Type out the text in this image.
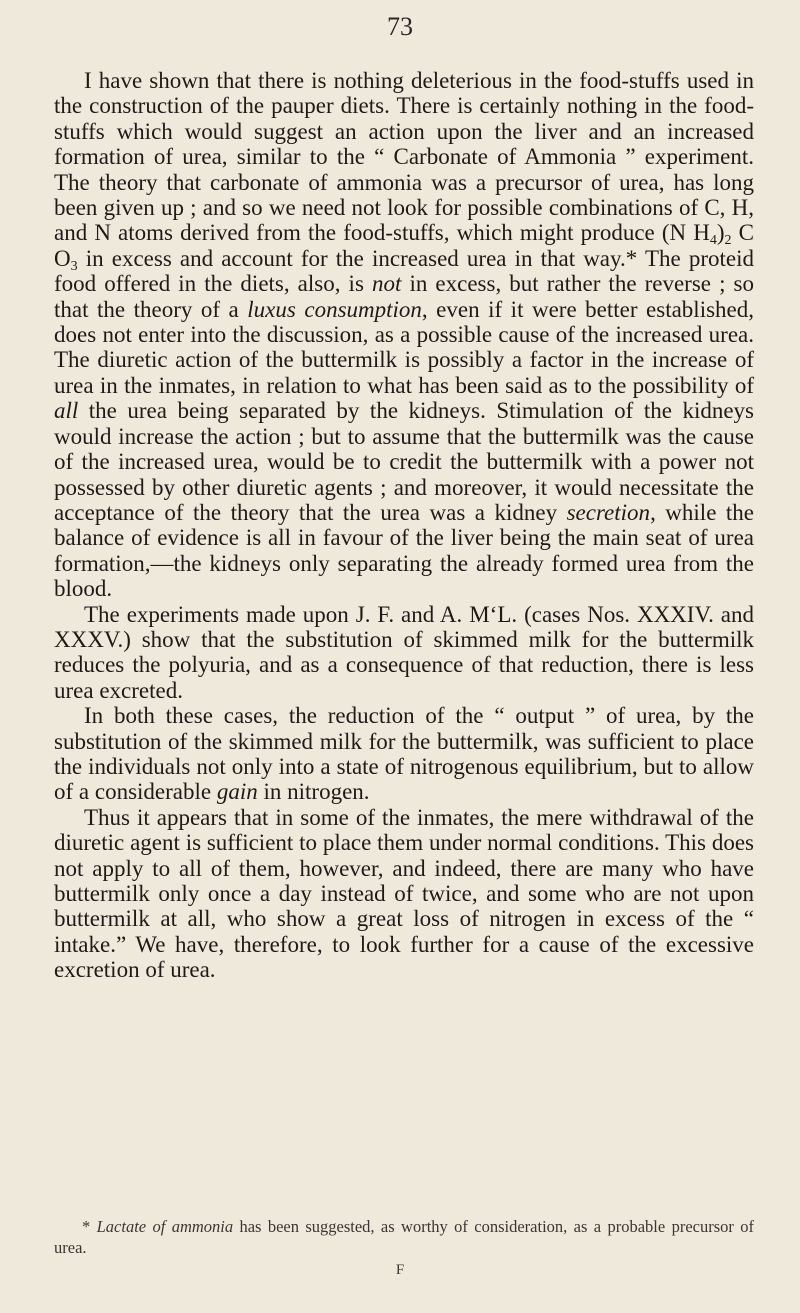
73

I have shown that there is nothing deleterious in the food-stuffs used in the construction of the pauper diets. There is certainly nothing in the food-stuffs which would suggest an action upon the liver and an increased formation of urea, similar to the “ Carbonate of Ammonia ” experiment. The theory that carbonate of ammonia was a precursor of urea, has long been given up ; and so we need not look for possible combinations of C, H, and N atoms derived from the food-stuffs, which might produce (N $H_4)_2$ C $O_3$ in excess and account for the increased urea in that way.* The proteid food offered in the diets, also, is not in excess, but rather the reverse ; so that the theory of a luxus consumption, even if it were better established, does not enter into the discussion, as a possible cause of the increased urea. The diuretic action of the buttermilk is possibly a factor in the increase of urea in the inmates, in relation to what has been said as to the possibility of all the urea being separated by the kidneys. Stimulation of the kidneys would increase the action ; but to assume that the buttermilk was the cause of the increased urea, would be to credit the buttermilk with a power not possessed by other diuretic agents ; and moreover, it would necessitate the acceptance of the theory that the urea was a kidney secretion, while the balance of evidence is all in favour of the liver being the main seat of urea formation,—the kidneys only separating the already formed urea from the blood.

The experiments made upon J. F. and A. M‘L. (cases Nos. XXXIV. and XXXV.) show that the substitution of skimmed milk for the buttermilk reduces the polyuria, and as a consequence of that reduction, there is less urea excreted.

In both these cases, the reduction of the “ output ” of urea, by the substitution of the skimmed milk for the buttermilk, was sufficient to place the individuals not only into a state of nitrogenous equilibrium, but to allow of a considerable gain in nitrogen.

Thus it appears that in some of the inmates, the mere withdrawal of the diuretic agent is sufficient to place them under normal conditions. This does not apply to all of them, however, and indeed, there are many who have buttermilk only once a day instead of twice, and some who are not upon buttermilk at all, who show a great loss of nitrogen in excess of the “ intake.” We have, therefore, to look further for a cause of the excessive excretion of urea.

* Lactate of ammonia has been suggested, as worthy of consideration, as a probable precursor of urea.

F
